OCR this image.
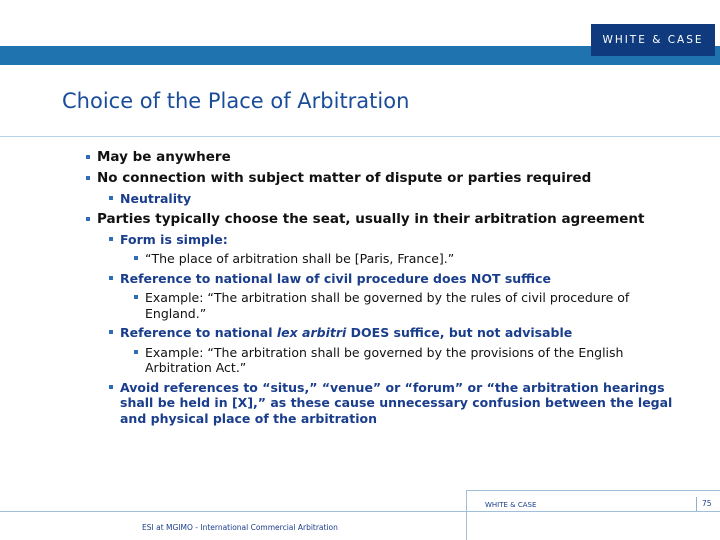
WHITE & CASE
Choice of the Place of Arbitration
May be anywhere
No connection with subject matter of dispute or parties required
Neutrality
Parties typically choose the seat, usually in their arbitration agreement
Form is simple:
“The place of arbitration shall be [Paris, France].”
Reference to national law of civil procedure does NOT suffice
Example: “The arbitration shall be governed by the rules of civil procedure of England.”
Reference to national lex arbitri DOES suffice, but not advisable
Example: “The arbitration shall be governed by the provisions of the English Arbitration Act.”
Avoid references to “situs,” “venue” or “forum” or “the arbitration hearings shall be held in [X],” as these cause unnecessary confusion between the legal and physical place of the arbitration
WHITE & CASE	75
ESI at MGIMO - International Commercial Arbitration
